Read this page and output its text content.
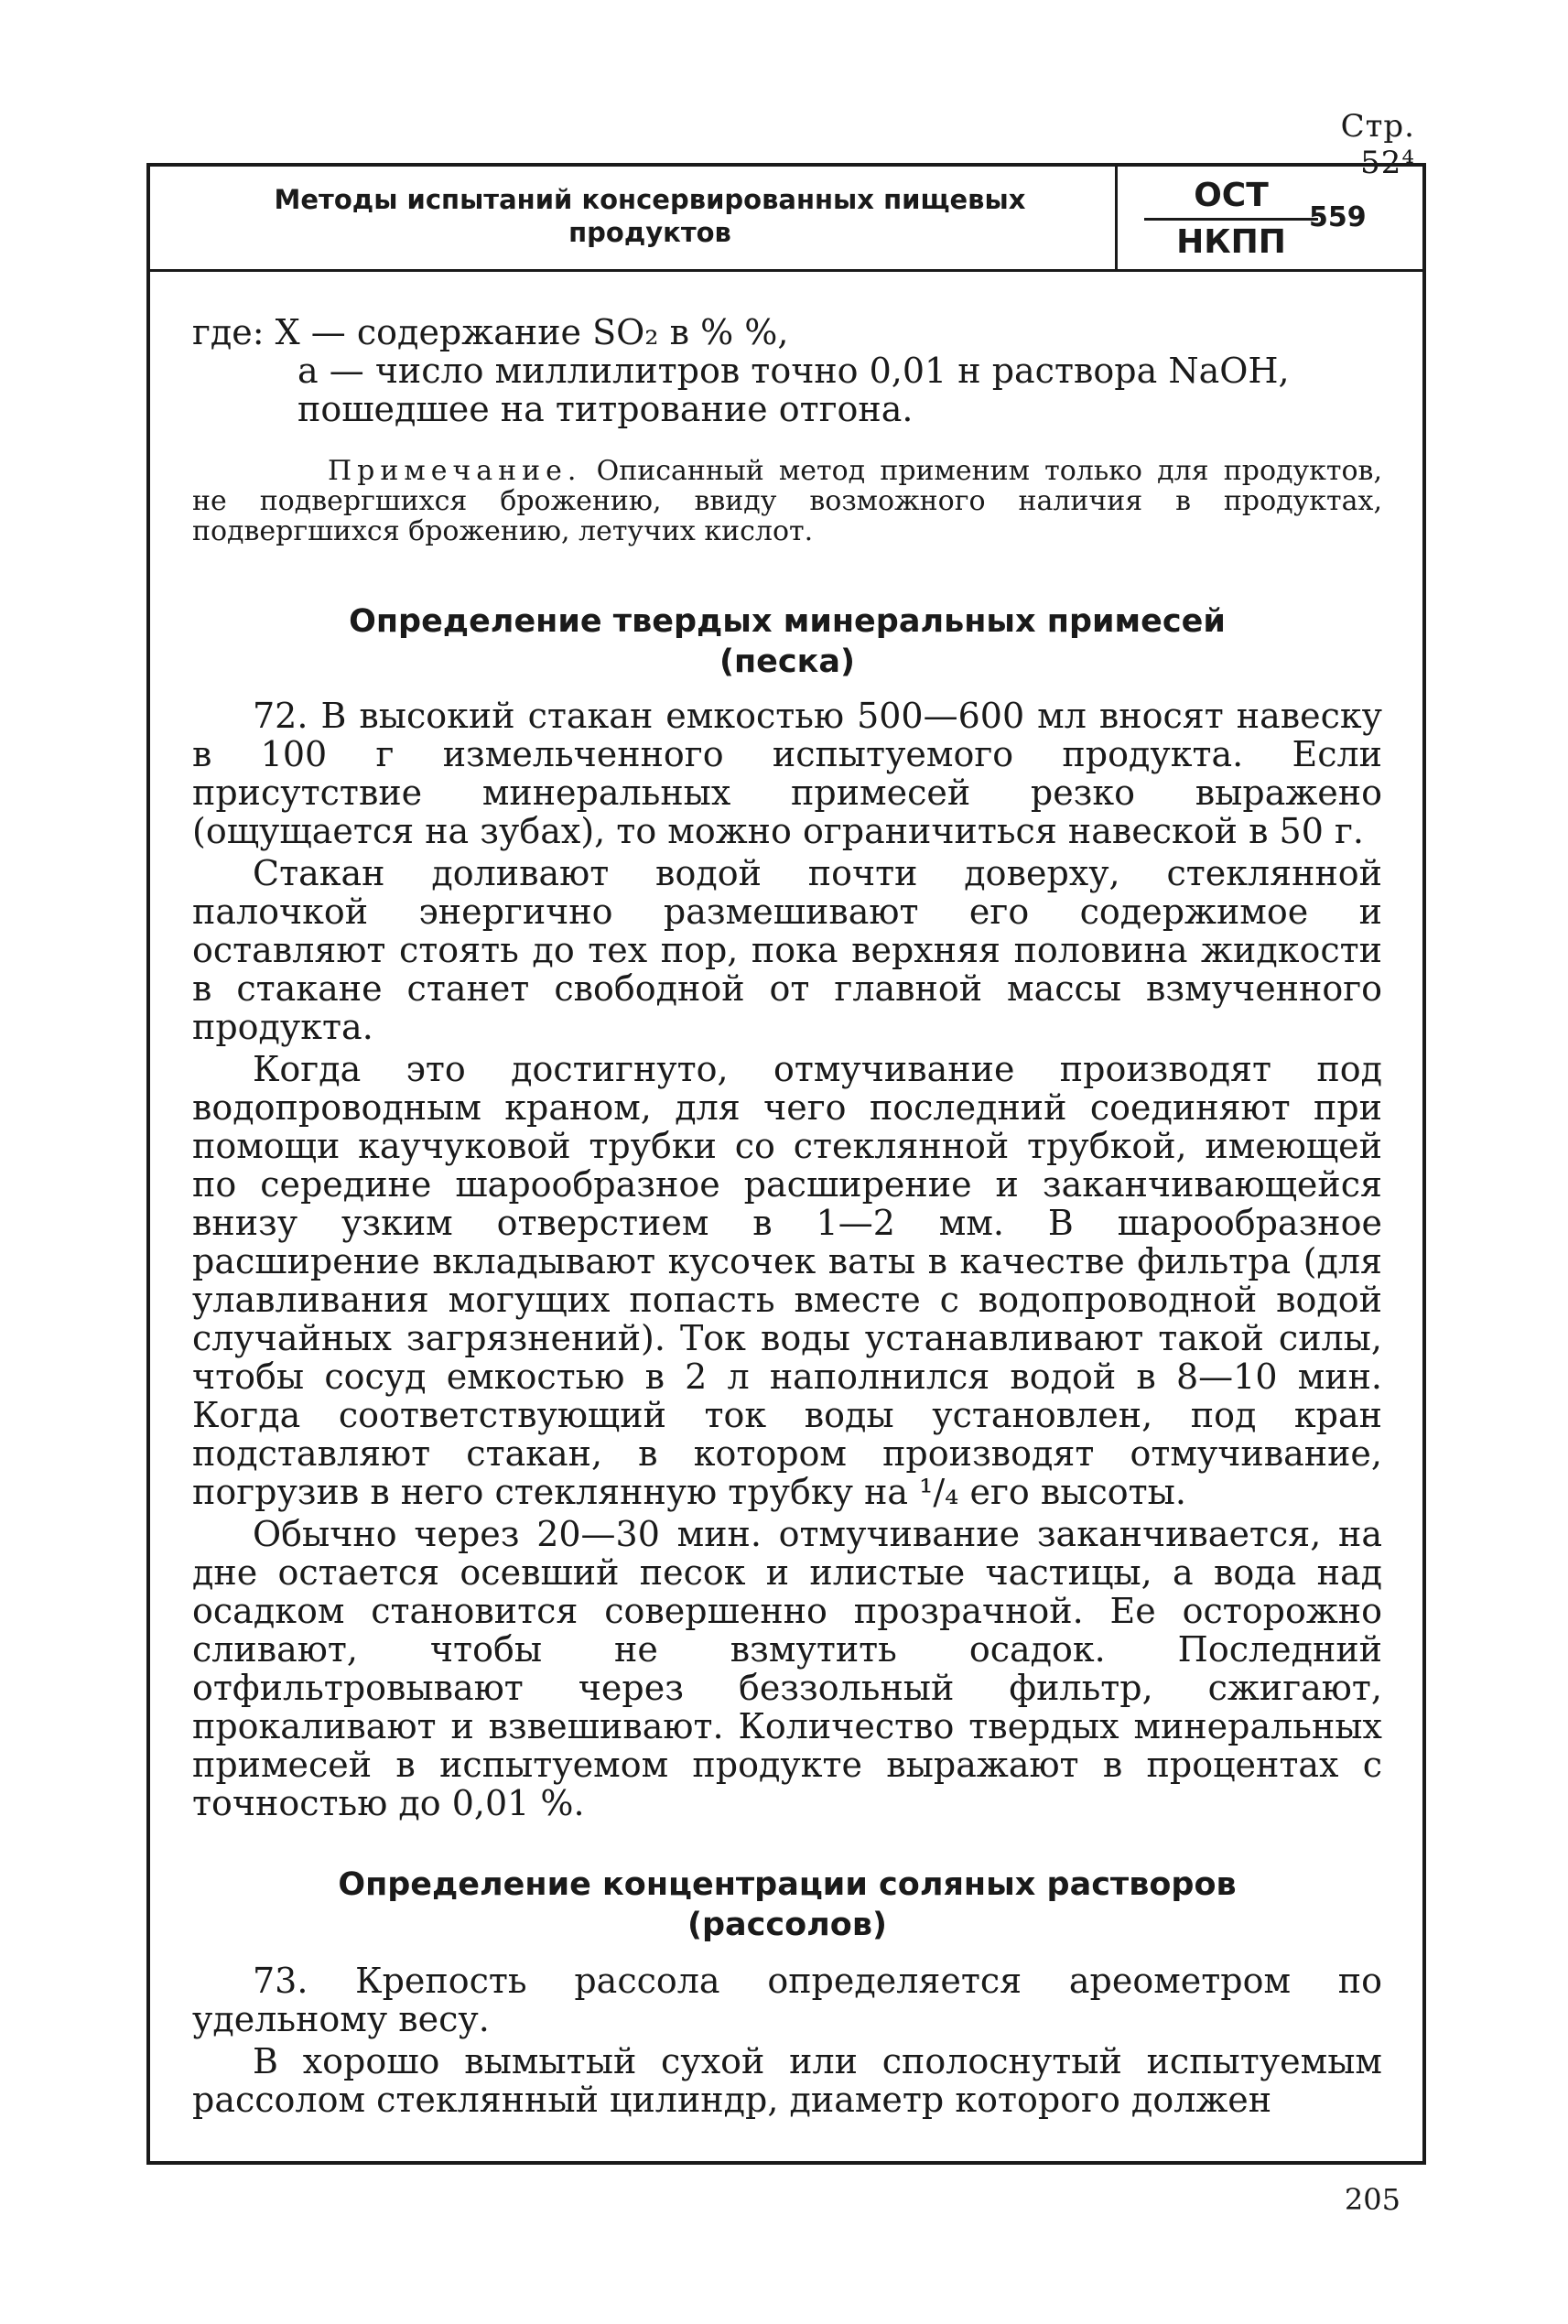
Стр. 52⁴
Методы испытаний консервированных пищевых продуктов
ОСТ
НКПП
559

где: X — содержание SO₂ в % %,

a — число миллилитров точно 0,01 н раствора NaOH,

пошедшее на титрование отгона.

Примечание. Описанный метод применим только для продуктов, не подвергшихся брожению, ввиду возможного наличия в продуктах, подвергшихся брожению, летучих кислот.

Определение твердых минеральных примесей
(песка)

72. В высокий стакан емкостью 500—600 мл вносят навеску в 100 г измельченного испытуемого продукта. Если присутствие минеральных примесей резко выражено (ощущается на зубах), то можно ограничиться навеской в 50 г.

Стакан доливают водой почти доверху, стеклянной палочкой энергично размешивают его содержимое и оставляют стоять до тех пор, пока верхняя половина жидкости в стакане станет свободной от главной массы взмученного продукта.

Когда это достигнуто, отмучивание производят под водопроводным краном, для чего последний соединяют при помощи каучуковой трубки со стеклянной трубкой, имеющей по середине шарообразное расширение и заканчивающейся внизу узким отверстием в 1—2 мм. В шарообразное расширение вкладывают кусочек ваты в качестве фильтра (для улавливания могущих попасть вместе с водопроводной водой случайных загрязнений). Ток воды устанавливают такой силы, чтобы сосуд емкостью в 2 л наполнился водой в 8—10 мин. Когда соответствующий ток воды установлен, под кран подставляют стакан, в котором производят отмучивание, погрузив в него стеклянную трубку на ¹/₄ его высоты.

Обычно через 20—30 мин. отмучивание заканчивается, на дне остается осевший песок и илистые частицы, а вода над осадком становится совершенно прозрачной. Ее осторожно сливают, чтобы не взмутить осадок. Последний отфильтровывают через беззольный фильтр, сжигают, прокаливают и взвешивают. Количество твердых минеральных примесей в испытуемом продукте выражают в процентах с точностью до 0,01 %.

Определение концентрации соляных растворов
(рассолов)

73. Крепость рассола определяется ареометром по удельному весу.

В хорошо вымытый сухой или сполоснутый испытуемым рассолом стеклянный цилиндр, диаметр которого должен

205
